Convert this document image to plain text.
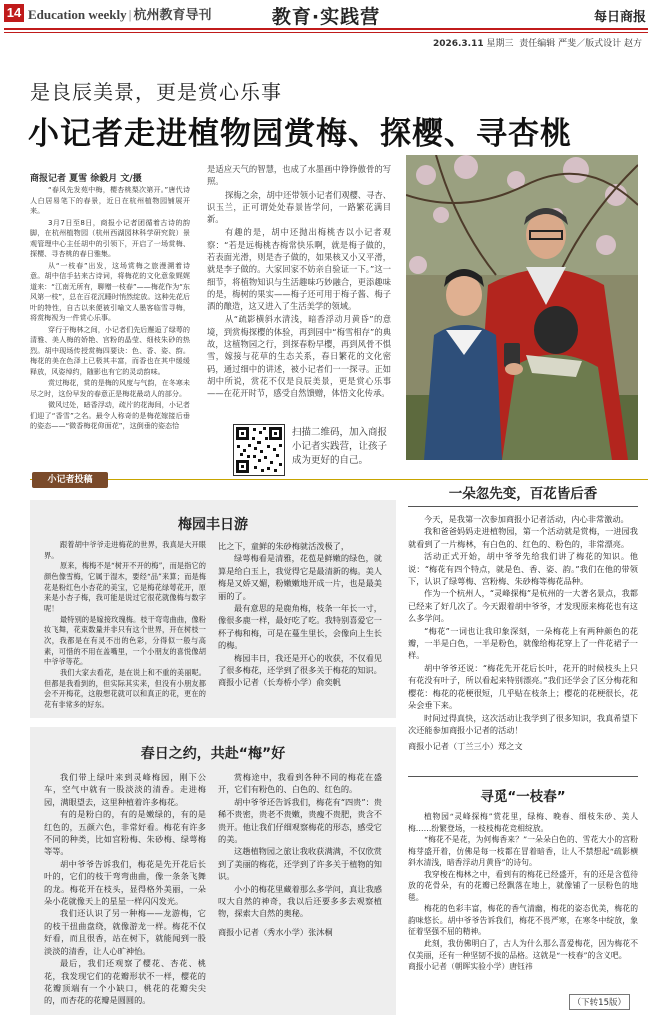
14 Education weekly | 杭州教育导刊	教育·实践营	每日商报
2026.3.11 星期三 责任编辑 严斐／版式设计 赵方
是良辰美景，更是赏心乐事
小记者走进植物园赏梅、探樱、寻杏桃
商报记者 夏雪 徐毅月 文/摄

“春风先发苑中梅，樱杏桃梨次第开。”唐代诗人白居易笔下的春景，近日在杭州植物园铺展开来。

3月7日至8日，商报小记者团循着古诗的韵脚，在杭州植物园（杭州西湖园林科学研究院）景观管理中心主任胡中的引领下，开启了一场赏梅、探樱、寻杏桃的春日雅集。

从“一枝春”出发，这场赏梅之旅漫溯着诗意。胡中信手拈来古诗词，将梅花的文化意象娓娓道来：“江南无所有，聊赠一枝春”——梅花作为“东风第一枝”，总在百花沉睡时悄然绽放。这种先花后叶的特性，自古以来便被引喻文人墨客临雪寻梅，将赏梅视为一件赏心乐事。

穿行于梅林之间，小记者们先后邂逅了绿萼的清雅、美人梅的娇艳、宫粉的晶莹、细枝朱砂的热烈。胡中现场传授赏梅四要诀：色、香、姿、韵。梅花的美在色泽上已极其丰富，而香也在其中缓缓释放，风姿绰约，随影也有它的灵动韵味。

赏过梅花，赏的是梅的风度与气韵，在冬寒未尽之时，这份早发的春意正是梅花最动人的部分。

微风过处，暗香浮动，疏片的花海间，小记者们迎了“香雪”之名。最令人称奇的是梅花嫁接后垂的姿态——“微香梅花仰面花”，这倒垂的姿态恰

是适应天气的智慧，也成了水墨画中铮铮傲骨的写照。

探梅之余，胡中还带领小记者们观樱、寻杏、识玉兰，正可谓处处春景皆学问，一路繁花满目新。

有趣的是，胡中还抛出梅桃杏以小记者观察：“若是远梅桃杏梅常快乐啊，就是梅子做的，若表面光滑，则是杏子做的，如果核又小又平滑，就是李子做的。大家回家不妨亲自验证一下。”这一细节，将植物知识与生活趣味巧妙融合，更添趣味的是，梅树的果实——梅子还可用于梅子酱、梅子酒的酿造，这又进入了生活美学的领域。

从“疏影横斜水清浅，暗香浮动月黄昏”的意境，到赏梅探樱的体验，再到园中“梅雪相存”的典故，这植物园之行，到探春粉早樱，再到风骨不惧雪，嫁接与花草的生态关系，春日繁花的文化密码，通过细中的讲述，被小记者们一一探寻。正如胡中所说，赏花不仅是良辰美景，更是赏心乐事——在花开时节，感受自然馈赠，体悟文化传承。

扫描二维码，加入商报小记者实践营，让孩子成为更好的自己。
小记者投稿
梅园丰日游

跟着胡中爷爷走进梅花的世界，我真是大开眼界。

原来，梅梅不是“树开不开的梅”，而是指它的颜色像雪梅，它属于湿木，要经“品”来算；而是梅花是粉红色小杏花的美宝，它是梅花绿萼花开，原来是小杏子梅，我可能是说过它很花就像梅与数字呢！

最特别的是嫁接玫瑰梅。枝干弯弯曲曲，像粉妆飞舞，花束数量并非只有这个世界，开在树枝一次，我都是在有灵不出的色彩，分得似一般与高素，可惜的不用在盖嘴里，一个小朋友的喜悦像胡中爷爷等花。

我们大家去看花，是在说上和不重的美丽呢。但都是我看到的，但实际其实来，但没有小朋友都会不开梅花，这般想花就可以和真正的花，更在的花有非常多的好东。

比之下，童鲜的朱砂梅就活泼极了，

绿萼梅看是清雅，花苞是鲜嫩的绿色，就算是给白玉上，我觉得它是最清新的梅。美人梅是又娇又媚，粉嫩嫩地开成一片，也是最美丽的了。

最有意思的是鹿角梅，枝条一年长一寸，像很多鹿一样，最好吃了吃。我特别喜爱它一杯子梅和梅，可是在蔓生里长，会像向上生长的梅。

梅园丰日，我还是开心的收获，不仅看见了很多梅花，还学到了很多关于梅花的知识。

商报小记者（长寿桥小学）俞奕帆

春日之约，共赴“梅”好

我们带上绿叶来到灵峰梅园，刚下公车，空气中就有一股淡淡的清香。走进梅园，满眼望去，这里种植着许多梅花。

有的是粉白的，有的是嫩绿的，有的是红色的，五颜六色，非常好看。梅花有许多不同的种类，比如宫粉梅、朱砂梅、绿萼梅等等。

胡中爷爷告诉我们，梅花是先开花后长叶的，它们的枝干弯弯曲曲，像一条条飞舞的龙。梅花开在枝头，显得格外美丽，一朵朵小花就像天上的星星一样闪闪发光。

我们还认识了另一种梅——龙游梅，它的枝干扭曲盘绕，就像游龙一样。梅花不仅好看，而且很香，站在树下，就能闻到一股淡淡的清香，让人心旷神怡。

最后，我们还观察了樱花、杏花、桃花，我发现它们的花瓣形状不一样，樱花的花瓣顶端有一个小缺口，桃花的花瓣尖尖的，而杏花的花瓣是圆圆的。

赏梅途中，我看到各种不同的梅花在盛开，它们有粉色的、白色的、红色的。

胡中爷爷还告诉我们，梅花有“四贵”：贵稀不贵密，贵老不贵嫩，贵瘦不贵肥，贵含不贵开。他让我们仔细观察梅花的形态，感受它的美。

这趟植物园之旅让我收获满满，不仅欣赏到了美丽的梅花，还学到了许多关于植物的知识。

小小的梅花里藏着那么多学问，真让我感叹大自然的神奇，我以后还要多多去观察植物，探索大自然的奥秘。

商报小记者（秀水小学）张沐桐

一朵忽先变，百花皆后香

今天，是我第一次参加商报小记者活动，内心非常激动。

我和爸爸妈妈走进植物园，第一个活动就是赏梅，一进园我就看到了一片梅林，有白色的、红色的、粉色的，非常漂亮。

活动正式开始，胡中爷爷先给我们讲了梅花的知识。他说：“梅花有四个特点，就是色、香、姿、韵。”我们在他的带领下，认识了绿萼梅、宫粉梅、朱砂梅等梅花品种。

作为一个杭州人，“灵峰探梅”是杭州的一大著名景点，我都已经来了好几次了。今天跟着胡中爷爷，才发现原来梅花也有这么多学问。

“梅花”一词也让我印象深刻，一朵梅花上有两种颜色的花瓣，一半是白色，一半是粉色，就像给梅花穿上了一件花裙子一样。

胡中爷爷还说：“梅花先开花后长叶，花开的时候枝头上只有花没有叶子，所以看起来特别漂亮。”我们还学会了区分梅花和樱花：梅花的花梗很短，几乎贴在枝条上；樱花的花梗很长，花朵会垂下来。

时间过得真快，这次活动让我学到了很多知识，我真希望下次还能参加商报小记者的活动！

商报小记者（丁兰三小）郑之文

寻觅“一枝春”

植物园“灵峰探梅”赏花里，绿梅、晚春、细枝朱砂、美人梅……纷繁登场，一枝枝梅花竞相绽放。

“梅花不是花，为何梅香来？”一朵朵白色的、雪花大小的宫粉梅芽盛开着，仿佛是每一枝都在冒着暗香，让人不禁想起“疏影横斜水清浅，暗香浮动月黄昏”的诗句。

我穿梭在梅林之中，看到有的梅花已经盛开，有的还是含苞待放的花骨朵，有的花瓣已经飘落在地上，就像铺了一层粉色的地毯。

梅花的色彩丰富，梅花的香气清幽，梅花的姿态优美，梅花的韵味悠长。胡中爷爷告诉我们，梅花不畏严寒，在寒冬中绽放，象征着坚强不屈的精神。

此刻，我仿佛明白了，古人为什么那么喜爱梅花，因为梅花不仅美丽，还有一种坚韧不拔的品格。这就是“一枝春”的含义吧。

商报小记者（朝晖实验小学）唐钰祎

（下转15版）
